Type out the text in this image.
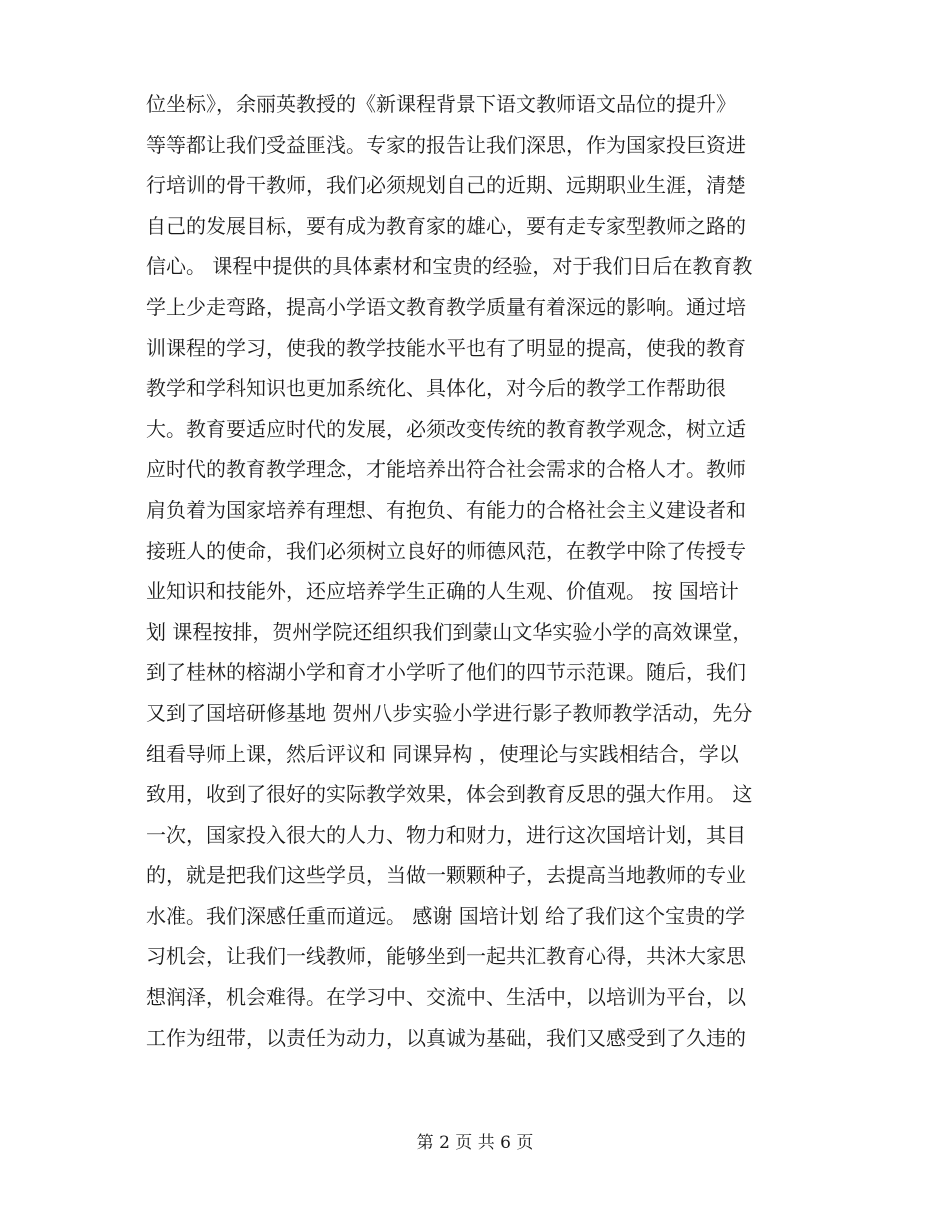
位坐标》，余丽英教授的《新课程背景下语文教师语文品位的提升》
等等都让我们受益匪浅。专家的报告让我们深思，作为国家投巨资进
行培训的骨干教师，我们必须规划自己的近期、远期职业生涯，清楚
自己的发展目标，要有成为教育家的雄心，要有走专家型教师之路的
信心。 课程中提供的具体素材和宝贵的经验，对于我们日后在教育教
学上少走弯路，提高小学语文教育教学质量有着深远的影响。通过培
训课程的学习，使我的教学技能水平也有了明显的提高，使我的教育
教学和学科知识也更加系统化、具体化，对今后的教学工作帮助很
大。教育要适应时代的发展，必须改变传统的教育教学观念，树立适
应时代的教育教学理念，才能培养出符合社会需求的合格人才。教师
肩负着为国家培养有理想、有抱负、有能力的合格社会主义建设者和
接班人的使命，我们必须树立良好的师德风范，在教学中除了传授专
业知识和技能外，还应培养学生正确的人生观、价值观。 按 国培计
划 课程按排，贺州学院还组织我们到蒙山文华实验小学的高效课堂，
到了桂林的榕湖小学和育才小学听了他们的四节示范课。随后，我们
又到了国培研修基地 贺州八步实验小学进行影子教师教学活动，先分
组看导师上课，然后评议和 同课异构 ，使理论与实践相结合，学以
致用，收到了很好的实际教学效果，体会到教育反思的强大作用。 这
一次，国家投入很大的人力、物力和财力，进行这次国培计划，其目
的，就是把我们这些学员，当做一颗颗种子，去提高当地教师的专业
水准。我们深感任重而道远。 感谢 国培计划 给了我们这个宝贵的学
习机会，让我们一线教师，能够坐到一起共汇教育心得，共沐大家思
想润泽，机会难得。在学习中、交流中、生活中，以培训为平台，以
工作为纽带，以责任为动力，以真诚为基础，我们又感受到了久违的
第 2 页 共 6 页
